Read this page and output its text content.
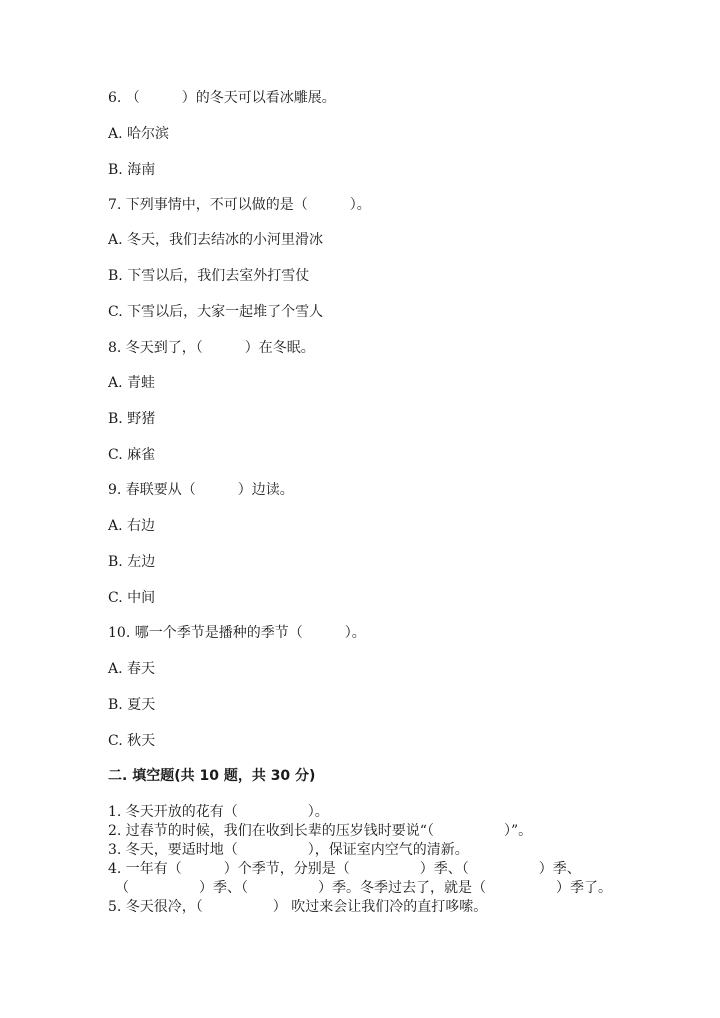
6. （　　　）的冬天可以看冰雕展。
A. 哈尔滨
B. 海南
7. 下列事情中，不可以做的是（　　　）。
A. 冬天，我们去结冰的小河里滑冰
B. 下雪以后，我们去室外打雪仗
C. 下雪以后，大家一起堆了个雪人
8. 冬天到了，（　　　）在冬眠。
A. 青蛙
B. 野猪
C. 麻雀
9. 春联要从（　　　）边读。
A. 右边
B. 左边
C. 中间
10. 哪一个季节是播种的季节（　　　）。
A. 春天
B. 夏天
C. 秋天
二. 填空题(共 10 题，共 30 分)
1. 冬天开放的花有（　　　　　）。
2. 过春节的时候，我们在收到长辈的压岁钱时要说“（　　　　　）”。
3. 冬天，要适时地（　　　　　），保证室内空气的清新。
4. 一年有（　　　）个季节，分别是（　　　　　）季、（　　　　　）季、
　（　　　　　）季、（　　　　　）季。冬季过去了，就是（　　　　　）季了。
5. 冬天很冷，（　　　　　） 吹过来会让我们冷的直打哆嗦。
